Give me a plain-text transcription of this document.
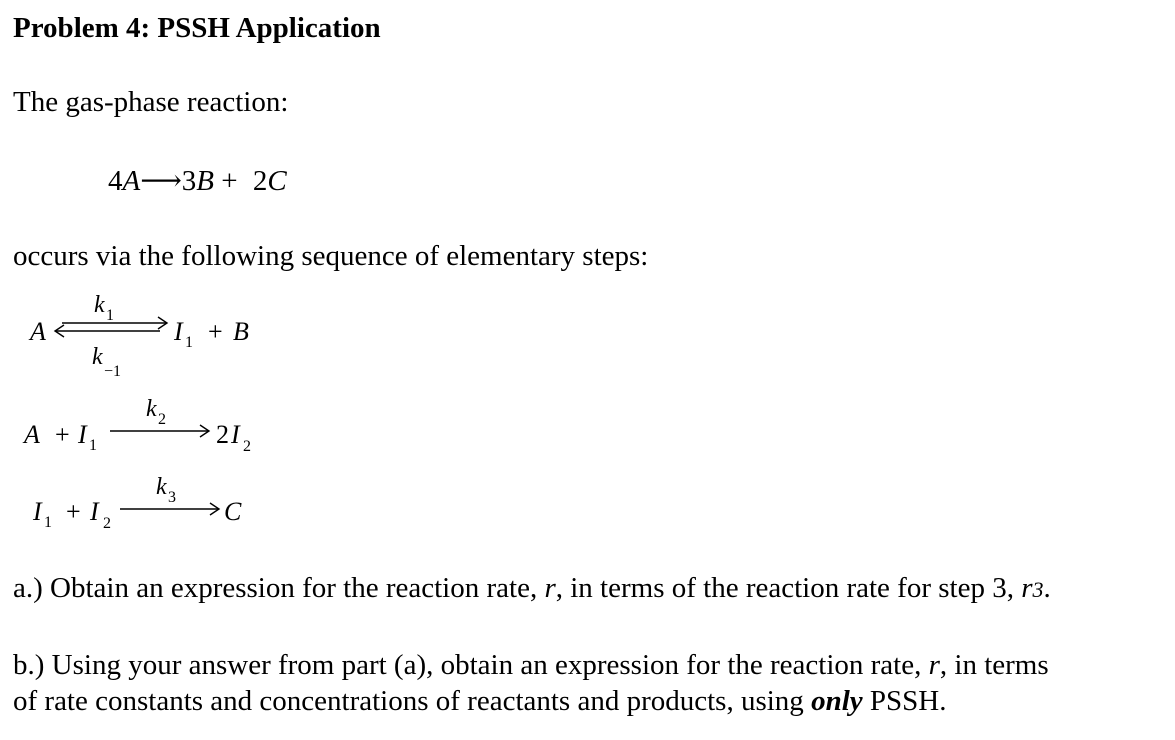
Problem 4: PSSH Application
The gas-phase reaction:
4A⟶3B + 2C
occurs via the following sequence of elementary steps:
A
k 1
k
−1
I 1 + B
A + I 1
k 2
2 I 2
I 1 + I 2
k 3 C
a.) Obtain an expression for the reaction rate, r, in terms of the reaction rate for step 3, r3.
b.) Using your answer from part (a), obtain an expression for the reaction rate, r, in terms
of rate constants and concentrations of reactants and products, using only PSSH.
